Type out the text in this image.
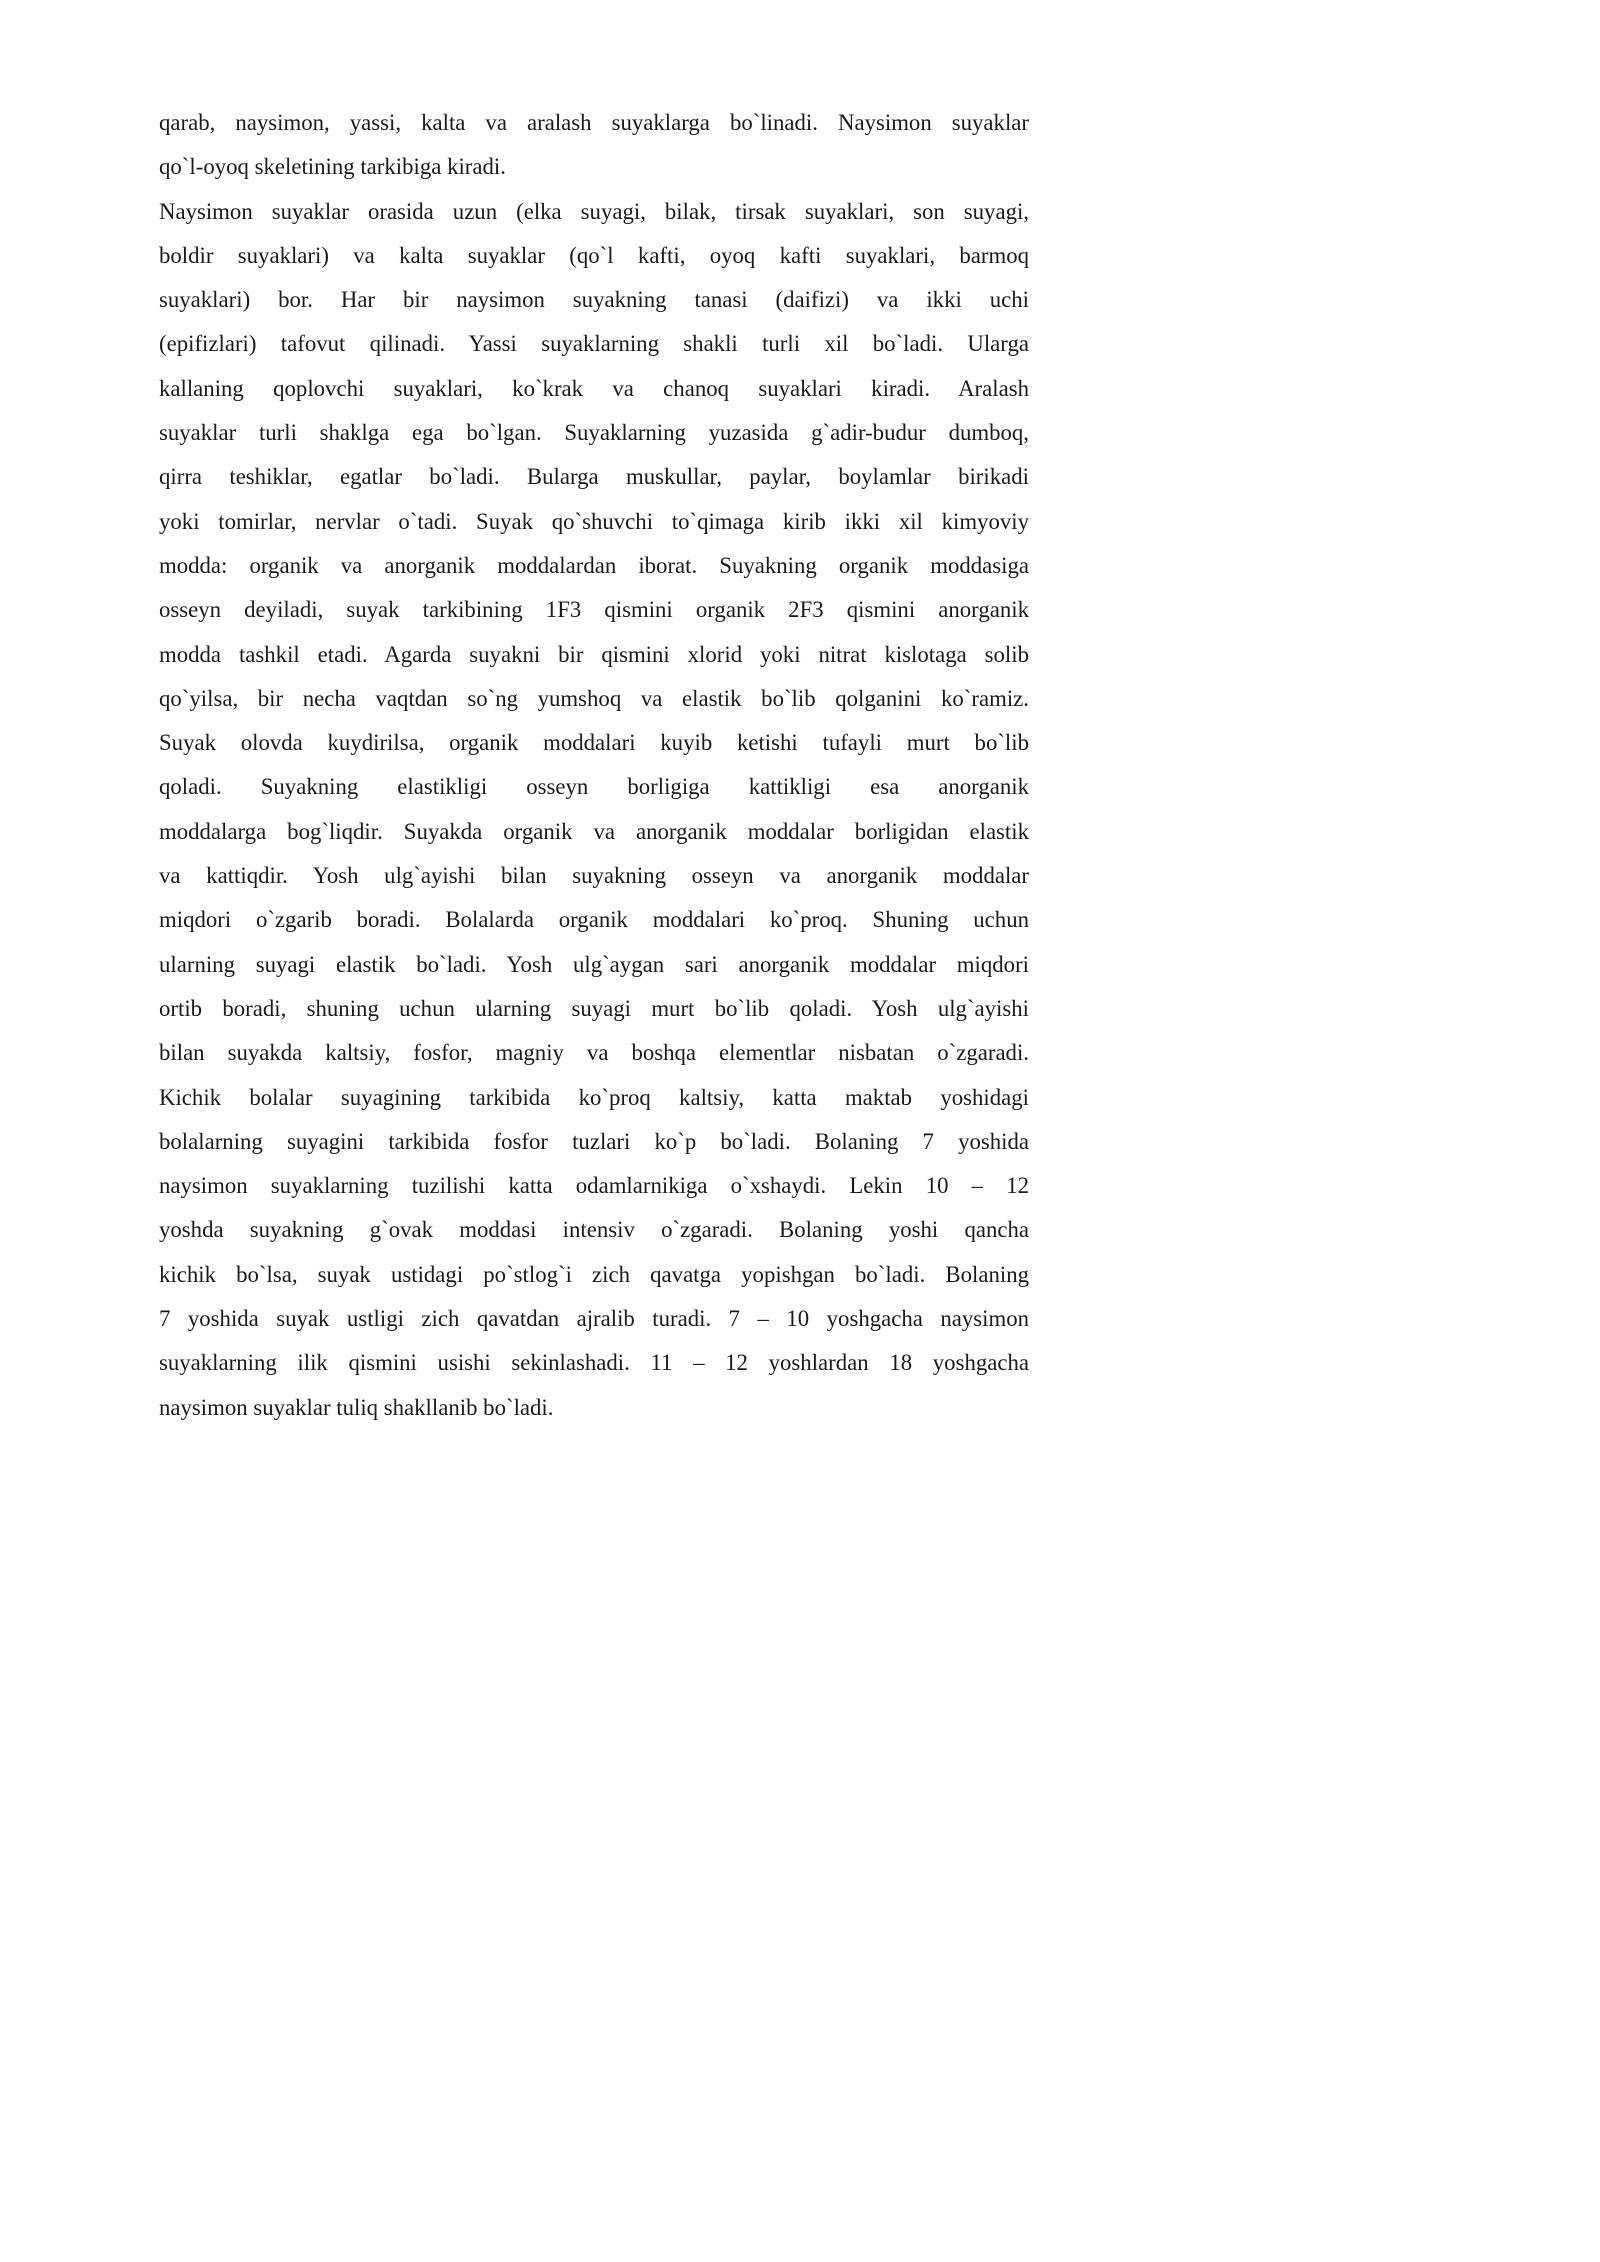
qarab, naysimon, yassi, kalta va aralash suyaklarga bo`linadi. Naysimon suyaklar
qo`l-oyoq skeletining tarkibiga kiradi.
Naysimon suyaklar orasida uzun (elka suyagi, bilak, tirsak suyaklari, son suyagi,
boldir suyaklari) va kalta suyaklar (qo`l kafti, oyoq kafti suyaklari, barmoq
suyaklari) bor. Har bir naysimon suyakning tanasi (daifizi) va ikki uchi
(epifizlari) tafovut qilinadi. Yassi suyaklarning shakli turli xil bo`ladi. Ularga
kallaning qoplovchi suyaklari, ko`krak va chanoq suyaklari kiradi. Aralash
suyaklar turli shaklga ega bo`lgan. Suyaklarning yuzasida g`adir-budur dumboq,
qirra teshiklar, egatlar bo`ladi. Bularga muskullar, paylar, boylamlar birikadi
yoki tomirlar, nervlar o`tadi. Suyak qo`shuvchi to`qimaga kirib ikki xil kimyoviy
modda: organik va anorganik moddalardan iborat. Suyakning organik moddasiga
osseyn deyiladi, suyak tarkibining 1F3 qismini organik 2F3 qismini anorganik
modda tashkil etadi. Agarda suyakni bir qismini xlorid yoki nitrat kislotaga solib
qo`yilsa, bir necha vaqtdan so`ng yumshoq va elastik bo`lib qolganini ko`ramiz.
Suyak olovda kuydirilsa, organik moddalari kuyib ketishi tufayli murt bo`lib
qoladi. Suyakning elastikligi osseyn borligiga kattikligi esa anorganik
moddalarga bog`liqdir. Suyakda organik va anorganik moddalar borligidan elastik
va kattiqdir. Yosh ulg`ayishi bilan suyakning osseyn va anorganik moddalar
miqdori o`zgarib boradi. Bolalarda organik moddalari ko`proq. Shuning uchun
ularning suyagi elastik bo`ladi. Yosh ulg`aygan sari anorganik moddalar miqdori
ortib boradi, shuning uchun ularning suyagi murt bo`lib qoladi. Yosh ulg`ayishi
bilan suyakda kaltsiy, fosfor, magniy va boshqa elementlar nisbatan o`zgaradi.
Kichik bolalar suyagining tarkibida ko`proq kaltsiy, katta maktab yoshidagi
bolalarning suyagini tarkibida fosfor tuzlari ko`p bo`ladi. Bolaning 7 yoshida
naysimon suyaklarning tuzilishi katta odamlarnikiga o`xshaydi. Lekin 10 – 12
yoshda suyakning g`ovak moddasi intensiv o`zgaradi. Bolaning yoshi qancha
kichik bo`lsa, suyak ustidagi po`stlog`i zich qavatga yopishgan bo`ladi. Bolaning
7 yoshida suyak ustligi zich qavatdan ajralib turadi. 7 – 10 yoshgacha naysimon
suyaklarning ilik qismini usishi sekinlashadi. 11 – 12 yoshlardan 18 yoshgacha
naysimon suyaklar tuliq shakllanib bo`ladi.
